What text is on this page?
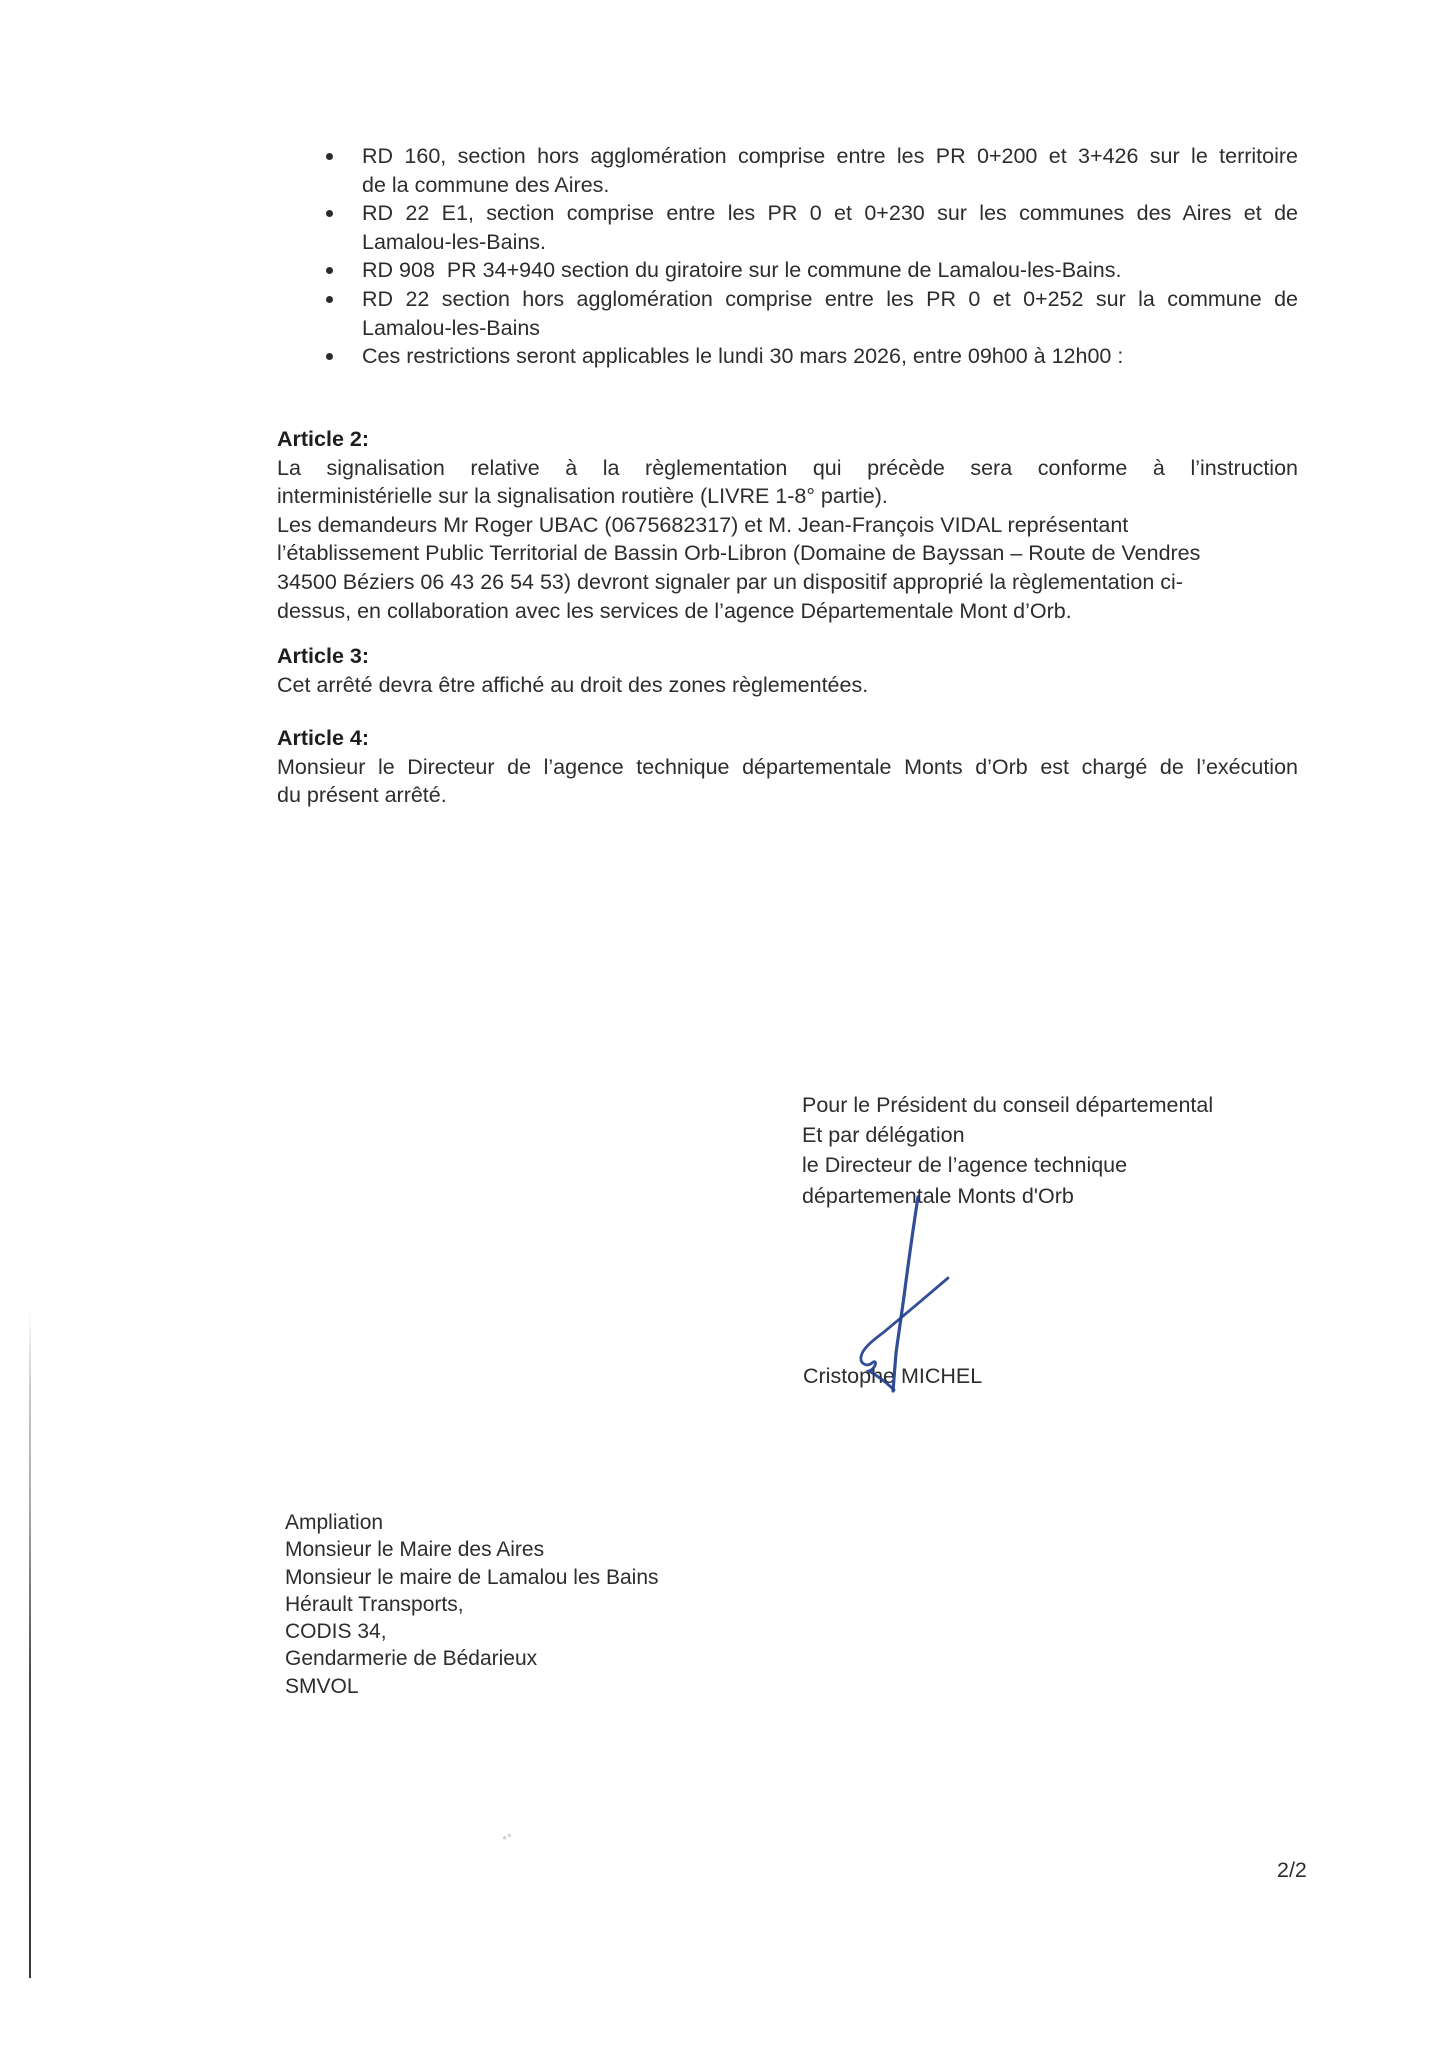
RD 160, section hors agglomération comprise entre les PR 0+200 et 3+426 sur le territoire
de la commune des Aires.
RD 22 E1, section comprise entre les PR 0 et 0+230 sur les communes des Aires et de
Lamalou-les-Bains.
RD 908  PR 34+940 section du giratoire sur le commune de Lamalou-les-Bains.
RD 22 section hors agglomération comprise entre les PR 0 et 0+252 sur la commune de
Lamalou-les-Bains
Ces restrictions seront applicables le lundi 30 mars 2026, entre 09h00 à 12h00 :
Article 2:
La signalisation relative à la règlementation qui précède sera conforme à l’instruction
interministérielle sur la signalisation routière (LIVRE 1-8° partie).
Les demandeurs Mr Roger UBAC (0675682317) et M. Jean-François VIDAL représentant
l’établissement Public Territorial de Bassin Orb-Libron (Domaine de Bayssan – Route de Vendres
34500 Béziers 06 43 26 54 53) devront signaler par un dispositif approprié la règlementation ci-
dessus, en collaboration avec les services de l’agence Départementale Mont d’Orb.
Article 3:
Cet arrêté devra être affiché au droit des zones règlementées.
Article 4:
Monsieur le Directeur de l’agence technique départementale Monts d’Orb est chargé de l’exécution
du présent arrêté.
Pour le Président du conseil départemental
Et par délégation
le Directeur de l’agence technique
départementale Monts d'Orb
Cristophe MICHEL
Ampliation
Monsieur le Maire des Aires
Monsieur le maire de Lamalou les Bains
Hérault Transports,
CODIS 34,
Gendarmerie de Bédarieux
SMVOL
2/2
